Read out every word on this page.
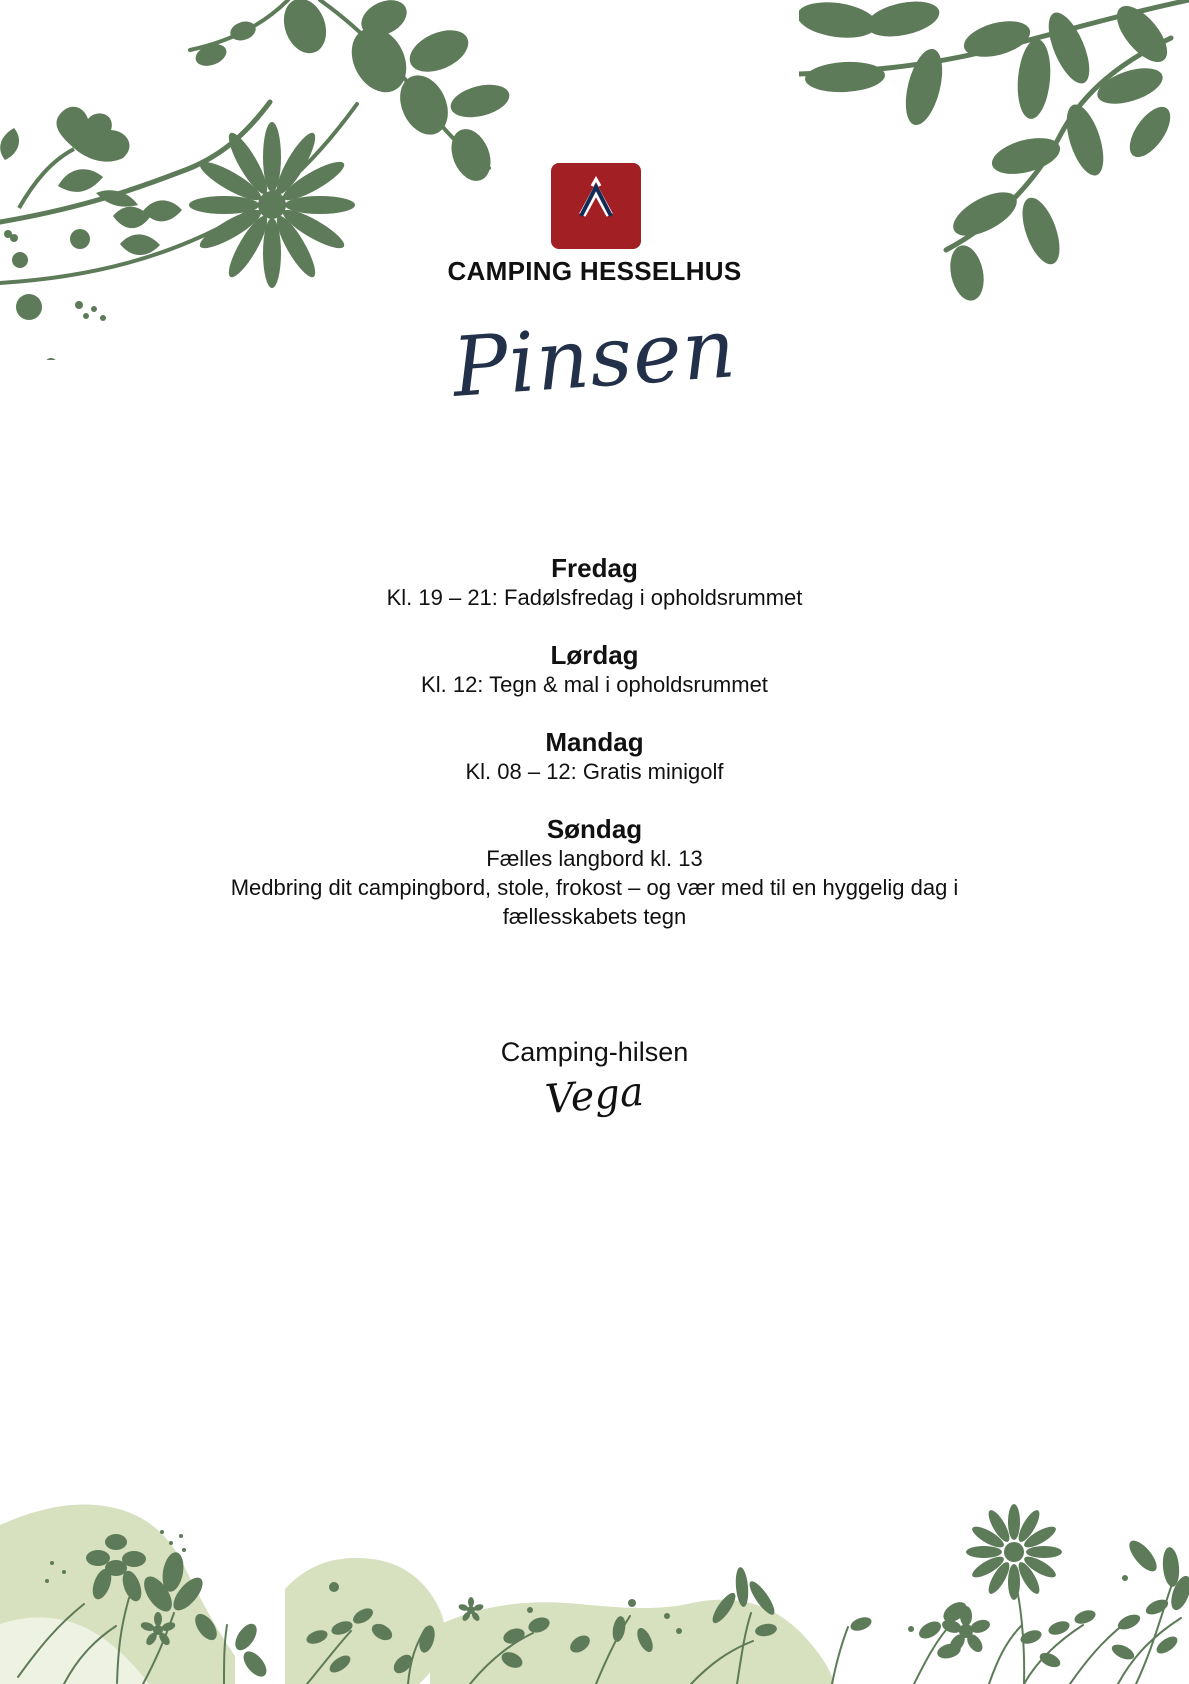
CAMPING HESSELHUS
Pinsen
Fredag
Kl. 19 – 21: Fadølsfredag i opholdsrummet
Lørdag
Kl. 12: Tegn & mal i opholdsrummet
Mandag
Kl. 08 – 12: Gratis minigolf
Søndag
Fælles langbord kl. 13
Medbring dit campingbord, stole, frokost – og vær med til en hyggelig dag i fællesskabets tegn
Camping-hilsen
Vega
